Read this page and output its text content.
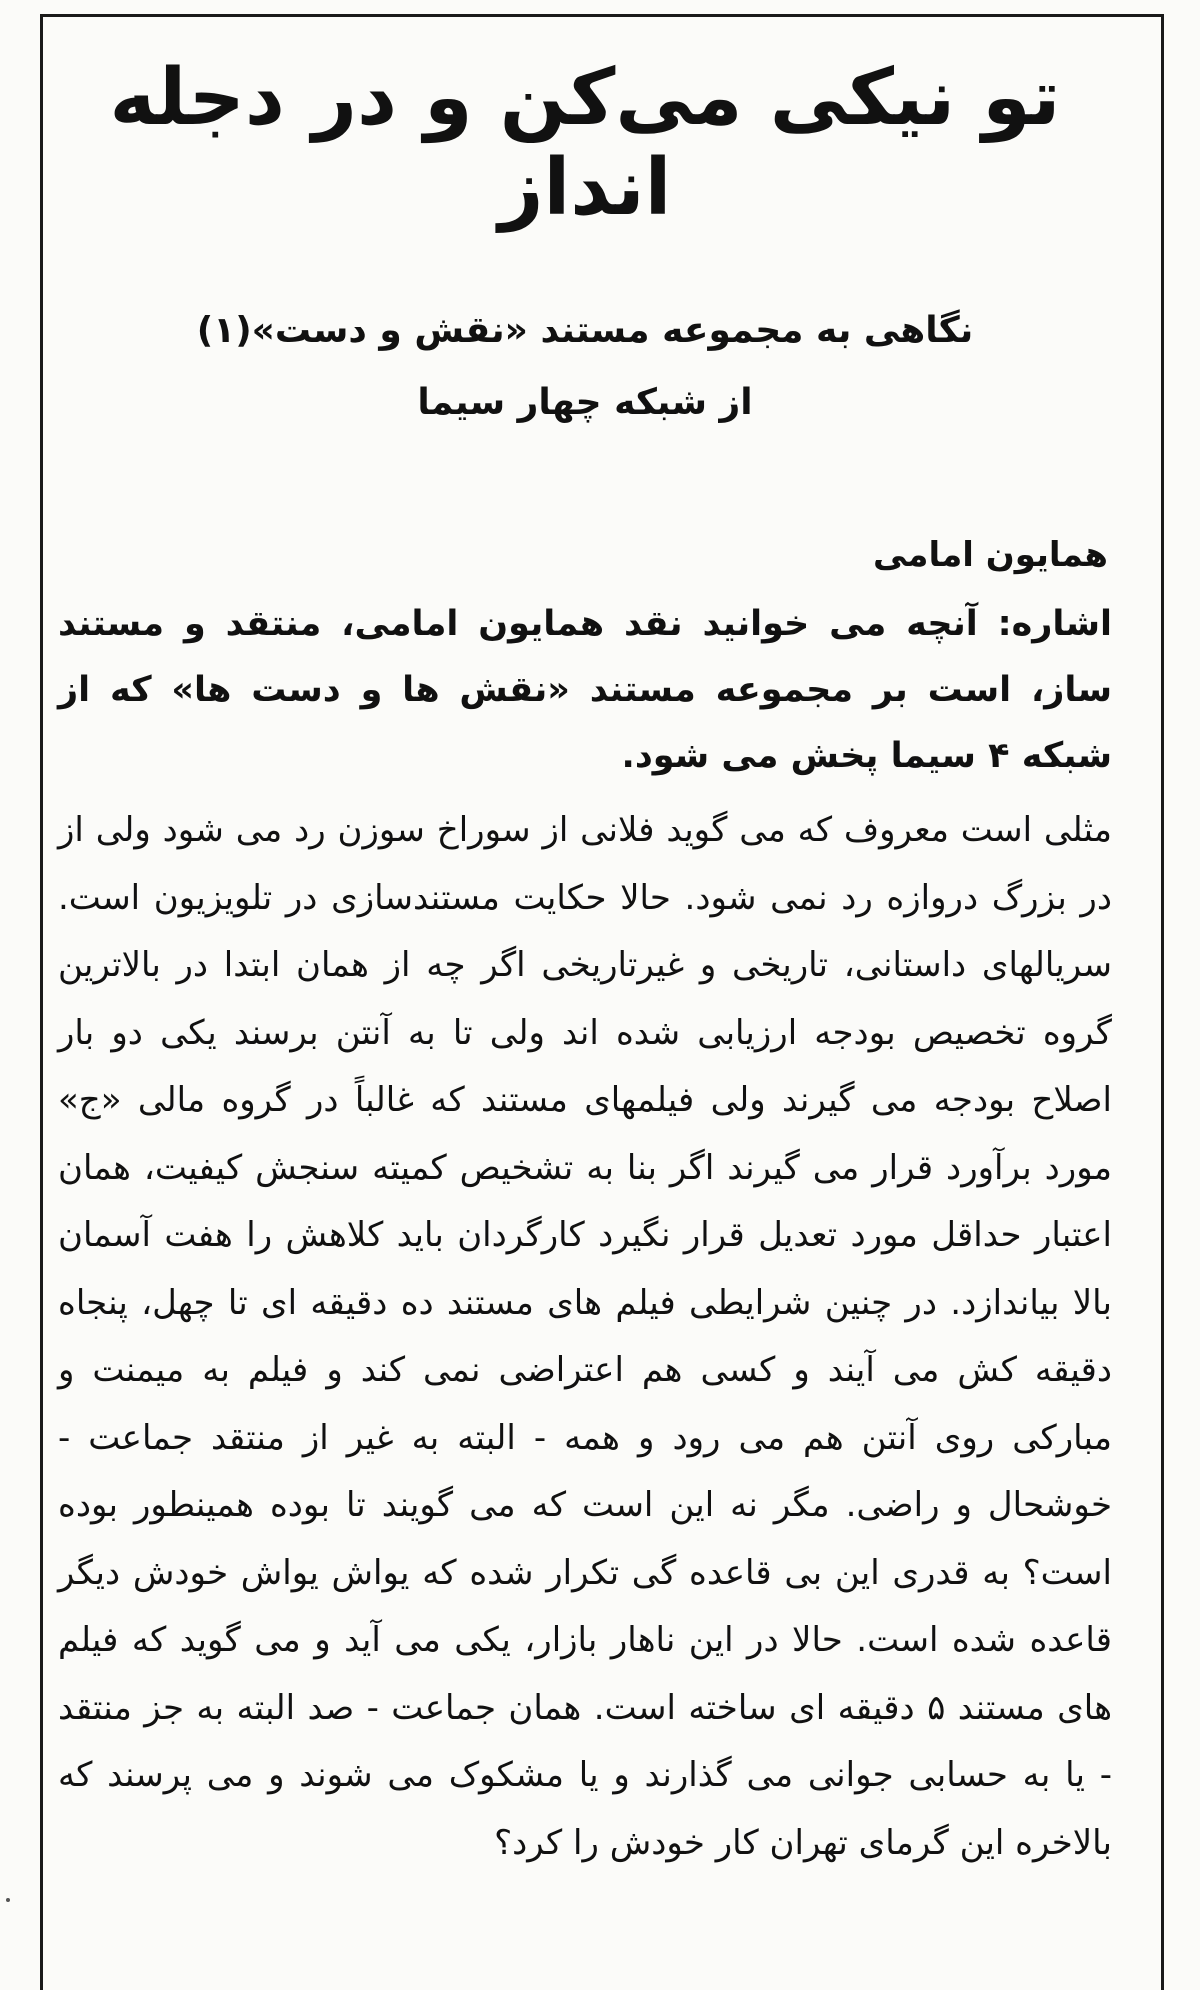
تو نیکی می‌کن و در دجله انداز
نگاهی به مجموعه مستند «نقش و دست»(۱)
از شبکه چهار سیما
همایون امامی

اشاره: آنچه می خوانید نقد همایون امامی، منتقد و مستند ساز، است بر مجموعه مستند «نقش ها و دست ها» که از شبکه ۴ سیما پخش می شود.

مثلی است معروف که می گوید فلانی از سوراخ سوزن رد می شود ولی از در بزرگ دروازه رد نمی شود. حالا حکایت مستندسازی در تلویزیون است. سریالهای داستانی، تاریخی و غیرتاریخی اگر چه از همان ابتدا در بالاترین گروه تخصیص بودجه ارزیابی شده اند ولی تا به آنتن برسند یکی دو بار اصلاح بودجه می گیرند ولی فیلمهای مستند که غالباً در گروه مالی «ج» مورد برآورد قرار می گیرند اگر بنا به تشخیص کمیته سنجش کیفیت، همان اعتبار حداقل مورد تعدیل قرار نگیرد کارگردان باید کلاهش را هفت آسمان بالا بیاندازد. در چنین شرایطی فیلم های مستند ده دقیقه ای تا چهل، پنجاه دقیقه کش می آیند و کسی هم اعتراضی نمی کند و فیلم به میمنت و مبارکی روی آنتن هم می رود و همه - البته به غیر از منتقد جماعت - خوشحال و راضی. مگر نه این است که می گویند تا بوده همینطور بوده است؟ به قدری این بی قاعده گی تکرار شده که یواش یواش خودش دیگر قاعده شده است. حالا در این ناهار بازار، یکی می آید و می گوید که فیلم های مستند ۵ دقیقه ای ساخته است. همان جماعت - صد البته به جز منتقد - یا به حسابی جوانی می گذارند و یا مشکوک می شوند و می پرسند که بالاخره این گرمای تهران کار خودش را کرد؟
